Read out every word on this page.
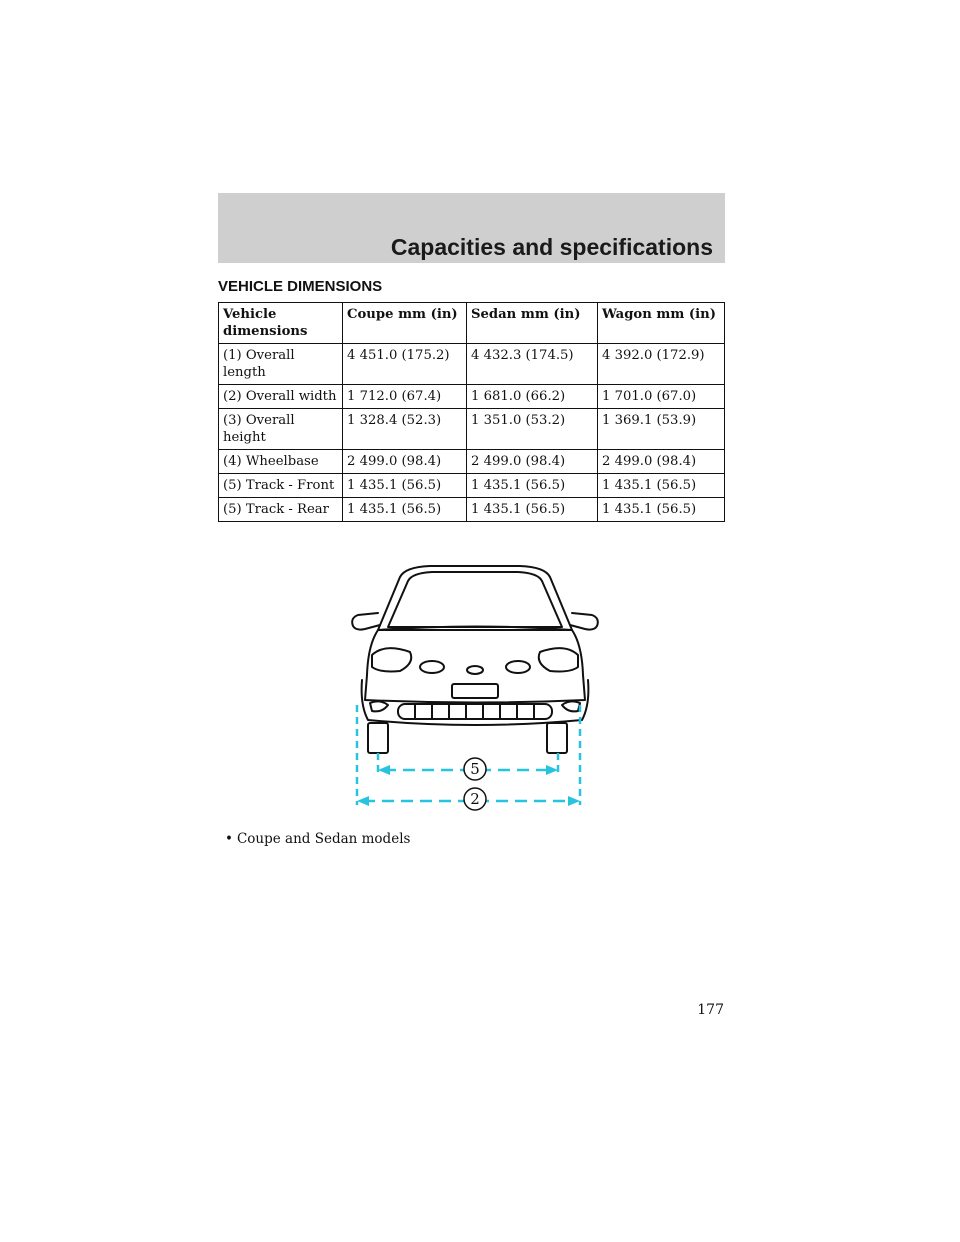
Capacities and specifications
VEHICLE DIMENSIONS
Vehicle dimensions	Coupe mm (in)	Sedan mm (in)	Wagon mm (in)
(1) Overall length	4 451.0 (175.2)	4 432.3 (174.5)	4 392.0 (172.9)
(2) Overall width	1 712.0 (67.4)	1 681.0 (66.2)	1 701.0 (67.0)
(3) Overall height	1 328.4 (52.3)	1 351.0 (53.2)	1 369.1 (53.9)
(4) Wheelbase	2 499.0 (98.4)	2 499.0 (98.4)	2 499.0 (98.4)
(5) Track - Front	1 435.1 (56.5)	1 435.1 (56.5)	1 435.1 (56.5)
(5) Track - Rear	1 435.1 (56.5)	1 435.1 (56.5)	1 435.1 (56.5)
5
2
• Coupe and Sedan models
177
